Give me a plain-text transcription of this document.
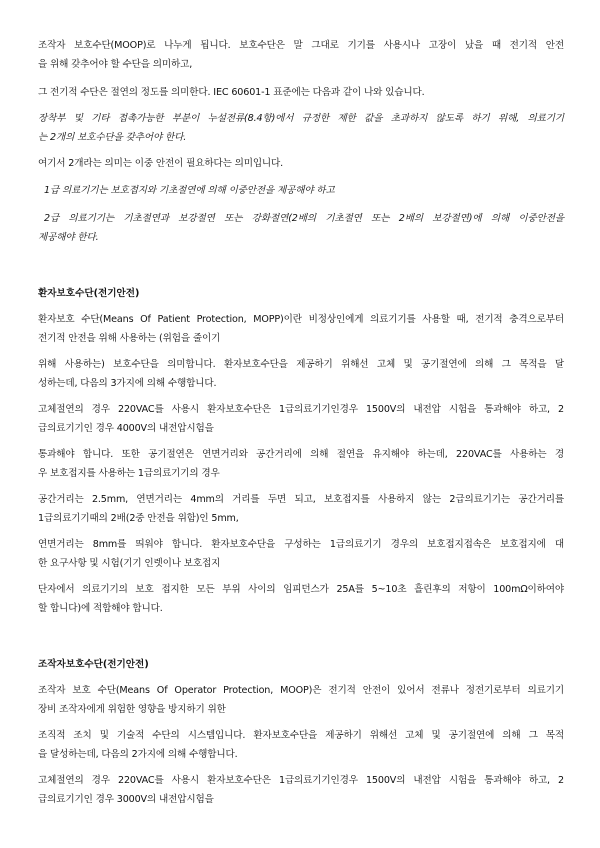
조작자 보호수단(MOOP)로 나누게 됩니다. 보호수단은 말 그대로 기기를 사용시나 고장이 났을 때 전기적 안전
을 위해 갖추어야 할 수단을 의미하고,
그 전기적 수단은 절연의 정도를 의미한다. IEC 60601-1 표준에는 다음과 같이 나와 있습니다.
장착부 및 기타 접촉가능한 부분이 누설전류(8.4항)에서 규정한 제한 값을 초과하지 않도록 하기 위해, 의료기기
는 2개의 보호수단을 갖추어야 한다.
여기서 2개라는 의미는 이중 안전이 필요하다는 의미입니다.
1급 의료기기는 보호접지와 기초절연에 의해 이중안전을 제공해야 하고
2급 의료기기는 기초절연과 보강절연 또는 강화절연(2배의 기초절연 또는 2배의 보강절연)에 의해 이중안전을
제공해야 한다.
환자보호수단(전기안전)
환자보호 수단(Means Of Patient Protection, MOPP)이란 비정상인에게 의료기기를 사용할 때, 전기적 충격으로부터
전기적 안전을 위해 사용하는 (위험을 줄이기
위해 사용하는) 보호수단을 의미합니다. 환자보호수단을 제공하기 위해선 고체 및 공기절연에 의해 그 목적을 달
성하는데, 다음의 3가지에 의해 수행합니다.
고체절연의 경우 220VAC를 사용시 환자보호수단은 1급의료기기인경우 1500V의 내전압 시험을 통과해야 하고, 2
급의료기기인 경우 4000V의 내전압시험을
통과해야 합니다. 또한 공기절연은 연면거리와 공간거리에 의해 절연을 유지해야 하는데, 220VAC를 사용하는 경
우 보호접지를 사용하는 1급의료기기의 경우
공간거리는 2.5mm, 연면거리는 4mm의 거리를 두면 되고, 보호접지를 사용하지 않는 2급의료기기는 공간거리를
1급의료기기때의 2배(2중 안전을 위함)인 5mm,
연면거리는 8mm를 띄워야 합니다. 환자보호수단을 구성하는 1급의료기기 경우의 보호접지접속은 보호접지에 대
한 요구사항 및 시험(기기 인렛이나 보호접지
단자에서 의료기기의 보호 접지한 모든 부위 사이의 임피던스가 25A를 5~10초 흘린후의 저항이 100mΩ이하여야
할 합니다)에 적합해야 합니다.
조작자보호수단(전기안전)
조작자 보호 수단(Means Of Operator Protection, MOOP)은 전기적 안전이 있어서 전류나 정전기로부터 의료기기
장비 조작자에게 위험한 영향을 방지하기 위한
조직적 조치 및 기술적 수단의 시스템입니다. 환자보호수단을 제공하기 위해선 고체 및 공기절연에 의해 그 목적
을 달성하는데, 다음의 2가지에 의해 수행합니다.
고체절연의 경우 220VAC를 사용시 환자보호수단은 1급의료기기인경우 1500V의 내전압 시험을 통과해야 하고, 2
급의료기기인 경우 3000V의 내전압시험을
